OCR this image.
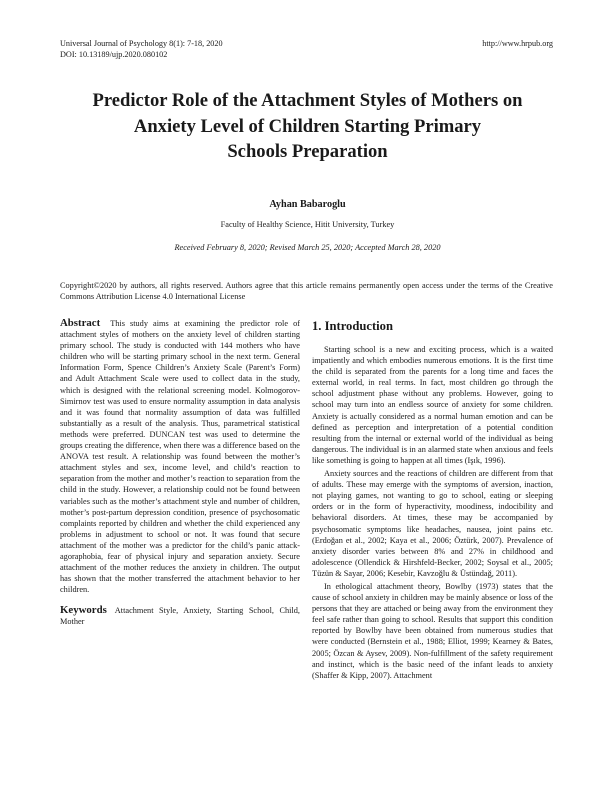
Universal Journal of Psychology 8(1): 7-18, 2020
DOI: 10.13189/ujp.2020.080102
http://www.hrpub.org
Predictor Role of the Attachment Styles of Mothers on
Anxiety Level of Children Starting Primary
Schools Preparation
Ayhan Babaroglu
Faculty of Healthy Science, Hitit University, Turkey
Received February 8, 2020; Revised March 25, 2020; Accepted March 28, 2020
Copyright©2020 by authors, all rights reserved. Authors agree that this article remains permanently open access under the terms of the Creative Commons Attribution License 4.0 International License

Abstract This study aims at examining the predictor role of attachment styles of mothers on the anxiety level of children starting primary school. The study is conducted with 144 mothers who have children who will be starting primary school in the next term. General Information Form, Spence Children’s Anxiety Scale (Parent’s Form) and Adult Attachment Scale were used to collect data in the study, which is designed with the relational screening model. Kolmogorov-Simirnov test was used to ensure normality assumption in data analysis and it was found that normality assumption of data was fulfilled substantially as a result of the analysis. Thus, parametrical statistical methods were preferred. DUNCAN test was used to determine the groups creating the difference, when there was a difference based on the ANOVA test result. A relationship was found between the mother’s attachment styles and sex, income level, and child’s reaction to separation from the mother and mother’s reaction to separation from the child in the study. However, a relationship could not be found between variables such as the mother’s attachment style and number of children, mother’s post-partum depression condition, presence of psychosomatic complaints reported by children and whether the child experienced any problems in adjustment to school or not. It was found that secure attachment of the mother was a predictor for the child’s panic attack-agoraphobia, fear of physical injury and separation anxiety. Secure attachment of the mother reduces the anxiety in children. The output has shown that the mother transferred the attachment behavior to her children.

Keywords Attachment Style, Anxiety, Starting School, Child, Mother

1. Introduction

Starting school is a new and exciting process, which is a waited impatiently and which embodies numerous emotions. It is the first time the child is separated from the parents for a long time and faces the external world, in real terms. In fact, most children go through the school adjustment phase without any problems. However, going to school may turn into an endless source of anxiety for some children. Anxiety is actually considered as a normal human emotion and can be defined as perception and interpretation of a potential condition resulting from the internal or external world of the individual as being dangerous. The individual is in an alarmed state when anxious and feels like something is going to happen at all times (Işık, 1996).

Anxiety sources and the reactions of children are different from that of adults. These may emerge with the symptoms of aversion, inaction, not playing games, not wanting to go to school, eating or sleeping orders or in the form of hyperactivity, moodiness, indocibility and behavioral disorders. At times, these may be accompanied by psychosomatic symptoms like headaches, nausea, joint pains etc. (Erdoğan et al., 2002; Kaya et al., 2006; Öztürk, 2007). Prevalence of anxiety disorder varies between 8% and 27% in childhood and adolescence (Ollendick & Hirshfeld-Becker, 2002; Soysal et al., 2005; Tüzün & Sayar, 2006; Kesebir, Kavzoğlu & Üstündağ, 2011).

In ethological attachment theory, Bowlby (1973) states that the cause of school anxiety in children may be mainly absence or loss of the persons that they are attached or being away from the environment they feel safe rather than going to school. Results that support this condition reported by Bowlby have been obtained from numerous studies that were conducted (Bernstein et al., 1988; Elliot, 1999; Kearney & Bates, 2005; Özcan & Aysev, 2009). Non-fulfillment of the safety requirement and instinct, which is the basic need of the infant leads to anxiety (Shaffer & Kipp, 2007). Attachment
